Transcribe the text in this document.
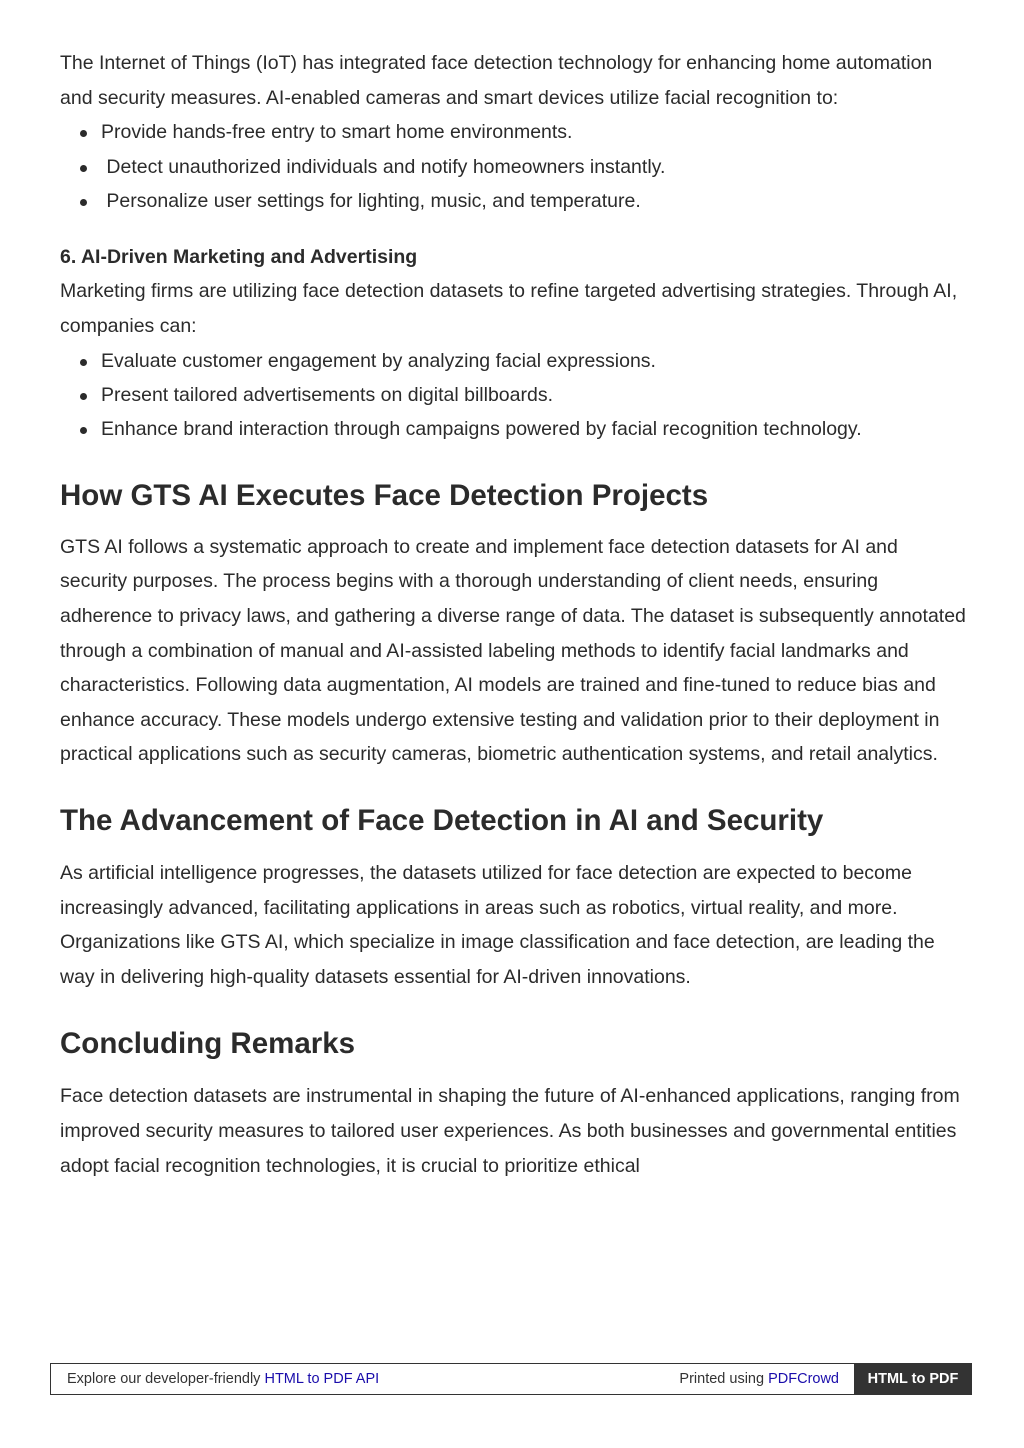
The Internet of Things (IoT) has integrated face detection technology for enhancing home automation and security measures. AI-enabled cameras and smart devices utilize facial recognition to:

Provide hands-free entry to smart home environments.
Detect unauthorized individuals and notify homeowners instantly.
Personalize user settings for lighting, music, and temperature.
6. AI-Driven Marketing and Advertising

Marketing firms are utilizing face detection datasets to refine targeted advertising strategies. Through AI, companies can:

Evaluate customer engagement by analyzing facial expressions.
Present tailored advertisements on digital billboards.
Enhance brand interaction through campaigns powered by facial recognition technology.
How GTS AI Executes Face Detection Projects

GTS AI follows a systematic approach to create and implement face detection datasets for AI and security purposes. The process begins with a thorough understanding of client needs, ensuring adherence to privacy laws, and gathering a diverse range of data. The dataset is subsequently annotated through a combination of manual and AI-assisted labeling methods to identify facial landmarks and characteristics. Following data augmentation, AI models are trained and fine-tuned to reduce bias and enhance accuracy. These models undergo extensive testing and validation prior to their deployment in practical applications such as security cameras, biometric authentication systems, and retail analytics.

The Advancement of Face Detection in AI and Security

As artificial intelligence progresses, the datasets utilized for face detection are expected to become increasingly advanced, facilitating applications in areas such as robotics, virtual reality, and more. Organizations like GTS AI, which specialize in image classification and face detection, are leading the way in delivering high-quality datasets essential for AI-driven innovations.

Concluding Remarks

Face detection datasets are instrumental in shaping the future of AI-enhanced applications, ranging from improved security measures to tailored user experiences. As both businesses and governmental entities adopt facial recognition technologies, it is crucial to prioritize ethical

Explore our developer-friendly HTML to PDF API	Printed using PDFCrowd	HTML to PDF
